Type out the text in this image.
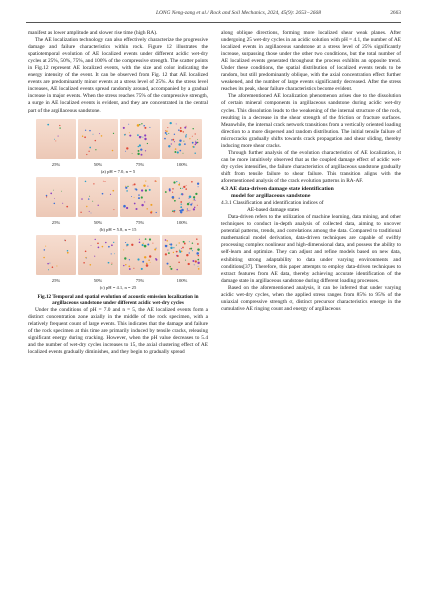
LONG Neng-zang et al./ Rock and Soil Mechanics, 2024, 45(9): 2653−2668	2663

manifest as lower amplitude and slower rise time (high RA).

The AE localization technology can also effectively characterize the progressive damage and failure characteristics within rock. Figure 12 illustrates the spatiotemporal evolution of AE localized events under different acidic wet-dry cycles at 25%, 50%, 75%, and 100% of the compressive strength. The scatter points in Fig.12 represent AE localized events, with the size and color indicating the energy intensity of the event. It can be observed from Fig. 12 that AE localized events are predominantly minor events at a stress level of 25%. As the stress level increases, AE localized events spread randomly around, accompanied by a gradual increase in major events. When the stress reaches 75% of the compressive strength, a surge in AE localized events is evident, and they are concentrated in the central part of the argillaceous sandstone.

25%	50%	75%	100%
(a) pH = 7.0, n = 5
25%	50%	75%	100%
(b) pH = 5.8, n = 15
25%	50%	75%	100%
(c) pH = 4.1, n = 25

Fig.12 Temporal and spatial evolution of acoustic emission localization in argillaceous sandstone under different acidic wet-dry cycles

Under the conditions of pH = 7.0 and n = 5, the AE localized events form a distinct concentration zone axially in the middle of the rock specimen, with a relatively frequent count of large events. This indicates that the damage and failure of the rock specimen at this time are primarily induced by tensile cracks, releasing significant energy during cracking. However, when the pH value decreases to 5.4 and the number of wet-dry cycles increases to 15, the axial clustering effect of AE localized events gradually diminishes, and they begin to gradually spread

along oblique directions, forming more localized shear weak planes. After undergoing 25 wet-dry cycles in an acidic solution with pH = 4.1, the number of AE localized events in argillaceous sandstone at a stress level of 25% significantly increase, surpassing those under the other two conditions, but the total number of AE localized events generated throughout the process exhibits an opposite trend. Under these conditions, the spatial distribution of localized events tends to be random, but still predominantly oblique, with the axial concentration effect further weakened, and the number of large events significantly decreased. After the stress reaches its peak, shear failure characteristics become evident.

The aforementioned AE localization phenomenon arises due to the dissolution of certain mineral components in argillaceous sandstone during acidic wet-dry cycles. This dissolution leads to the weakening of the internal structure of the rock, resulting in a decrease in the shear strength of the friction or fracture surfaces. Meanwhile, the internal crack network transitions from a vertically oriented loading direction to a more dispersed and random distribution. The initial tensile failure of microcracks gradually shifts towards crack propagation and shear sliding, thereby inducing more shear cracks.

Through further analysis of the evolution characteristics of AE localization, it can be more intuitively observed that as the coupled damage effect of acidic wet-dry cycles intensifies, the failure characteristics of argillaceous sandstone gradually shift from tensile failure to shear failure. This transition aligns with the aforementioned analysis of the crack evolution patterns in RA-AF.

4.3 AE data-driven damage state identification
model for argillaceous sandstone
4.3.1 Classification and identification indices of
AE-based damage states

Data-driven refers to the utilization of machine learning, data mining, and other techniques to conduct in-depth analysis of collected data, aiming to uncover potential patterns, trends, and correlations among the data. Compared to traditional mathematical model derivation, data-driven techniques are capable of swiftly processing complex nonlinear and high-dimensional data, and possess the ability to self-learn and optimize. They can adjust and refine models based on new data, exhibiting strong adaptability to data under varying environments and conditions[37]. Therefore, this paper attempts to employ data-driven techniques to extract features from AE data, thereby achieving accurate identification of the damage state in argillaceous sandstone during different loading processes.

Based on the aforementioned analysis, it can be inferred that under varying acidic wet-dry cycles, when the applied stress ranges from 85% to 95% of the uniaxial compressive strength σ, distinct precursor characteristics emerge in the cumulative AE ringing count and energy of argillaceous
